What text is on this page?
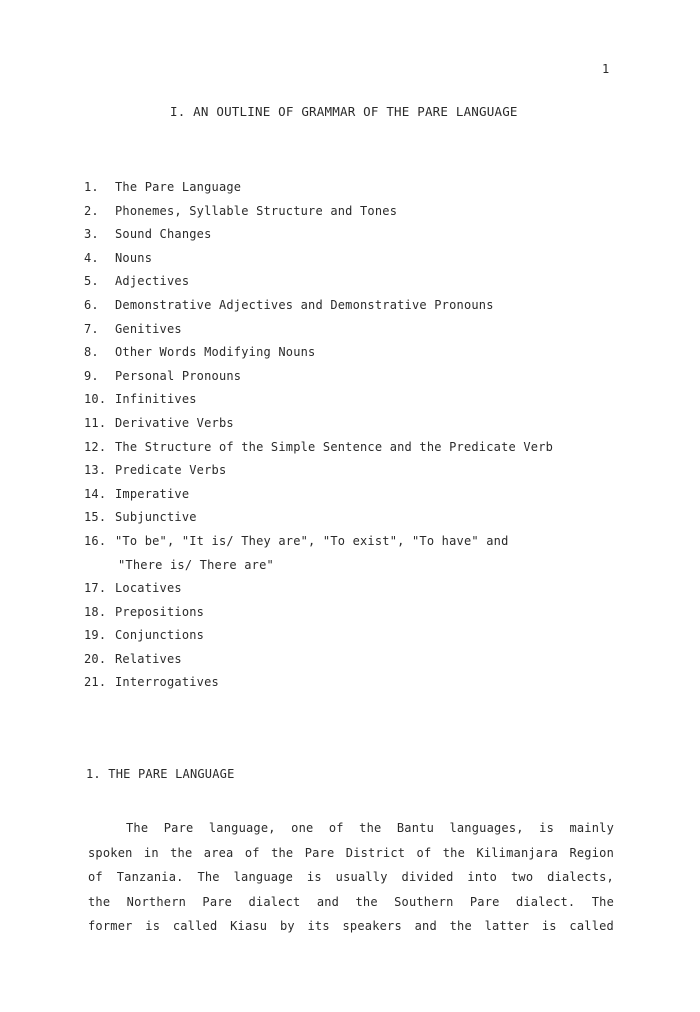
1
I. AN OUTLINE OF GRAMMAR OF THE PARE LANGUAGE
1. The Pare Language
2. Phonemes, Syllable Structure and Tones
3. Sound Changes
4. Nouns
5. Adjectives
6. Demonstrative Adjectives and Demonstrative Pronouns
7. Genitives
8. Other Words Modifying Nouns
9. Personal Pronouns
10. Infinitives
11. Derivative Verbs
12. The Structure of the Simple Sentence and the Predicate Verb
13. Predicate Verbs
14. Imperative
15. Subjunctive
16. "To be", "It is/ They are", "To exist", "To have" and
"There is/ There are"
17. Locatives
18. Prepositions
19. Conjunctions
20. Relatives
21. Interrogatives
1. THE PARE LANGUAGE
The Pare language, one of the Bantu languages, is mainly
spoken in the area of the Pare District of the Kilimanjara Region
of Tanzania. The language is usually divided into two dialects,
the Northern Pare dialect and the Southern Pare dialect. The
former is called Kiasu by its speakers and the latter is called
